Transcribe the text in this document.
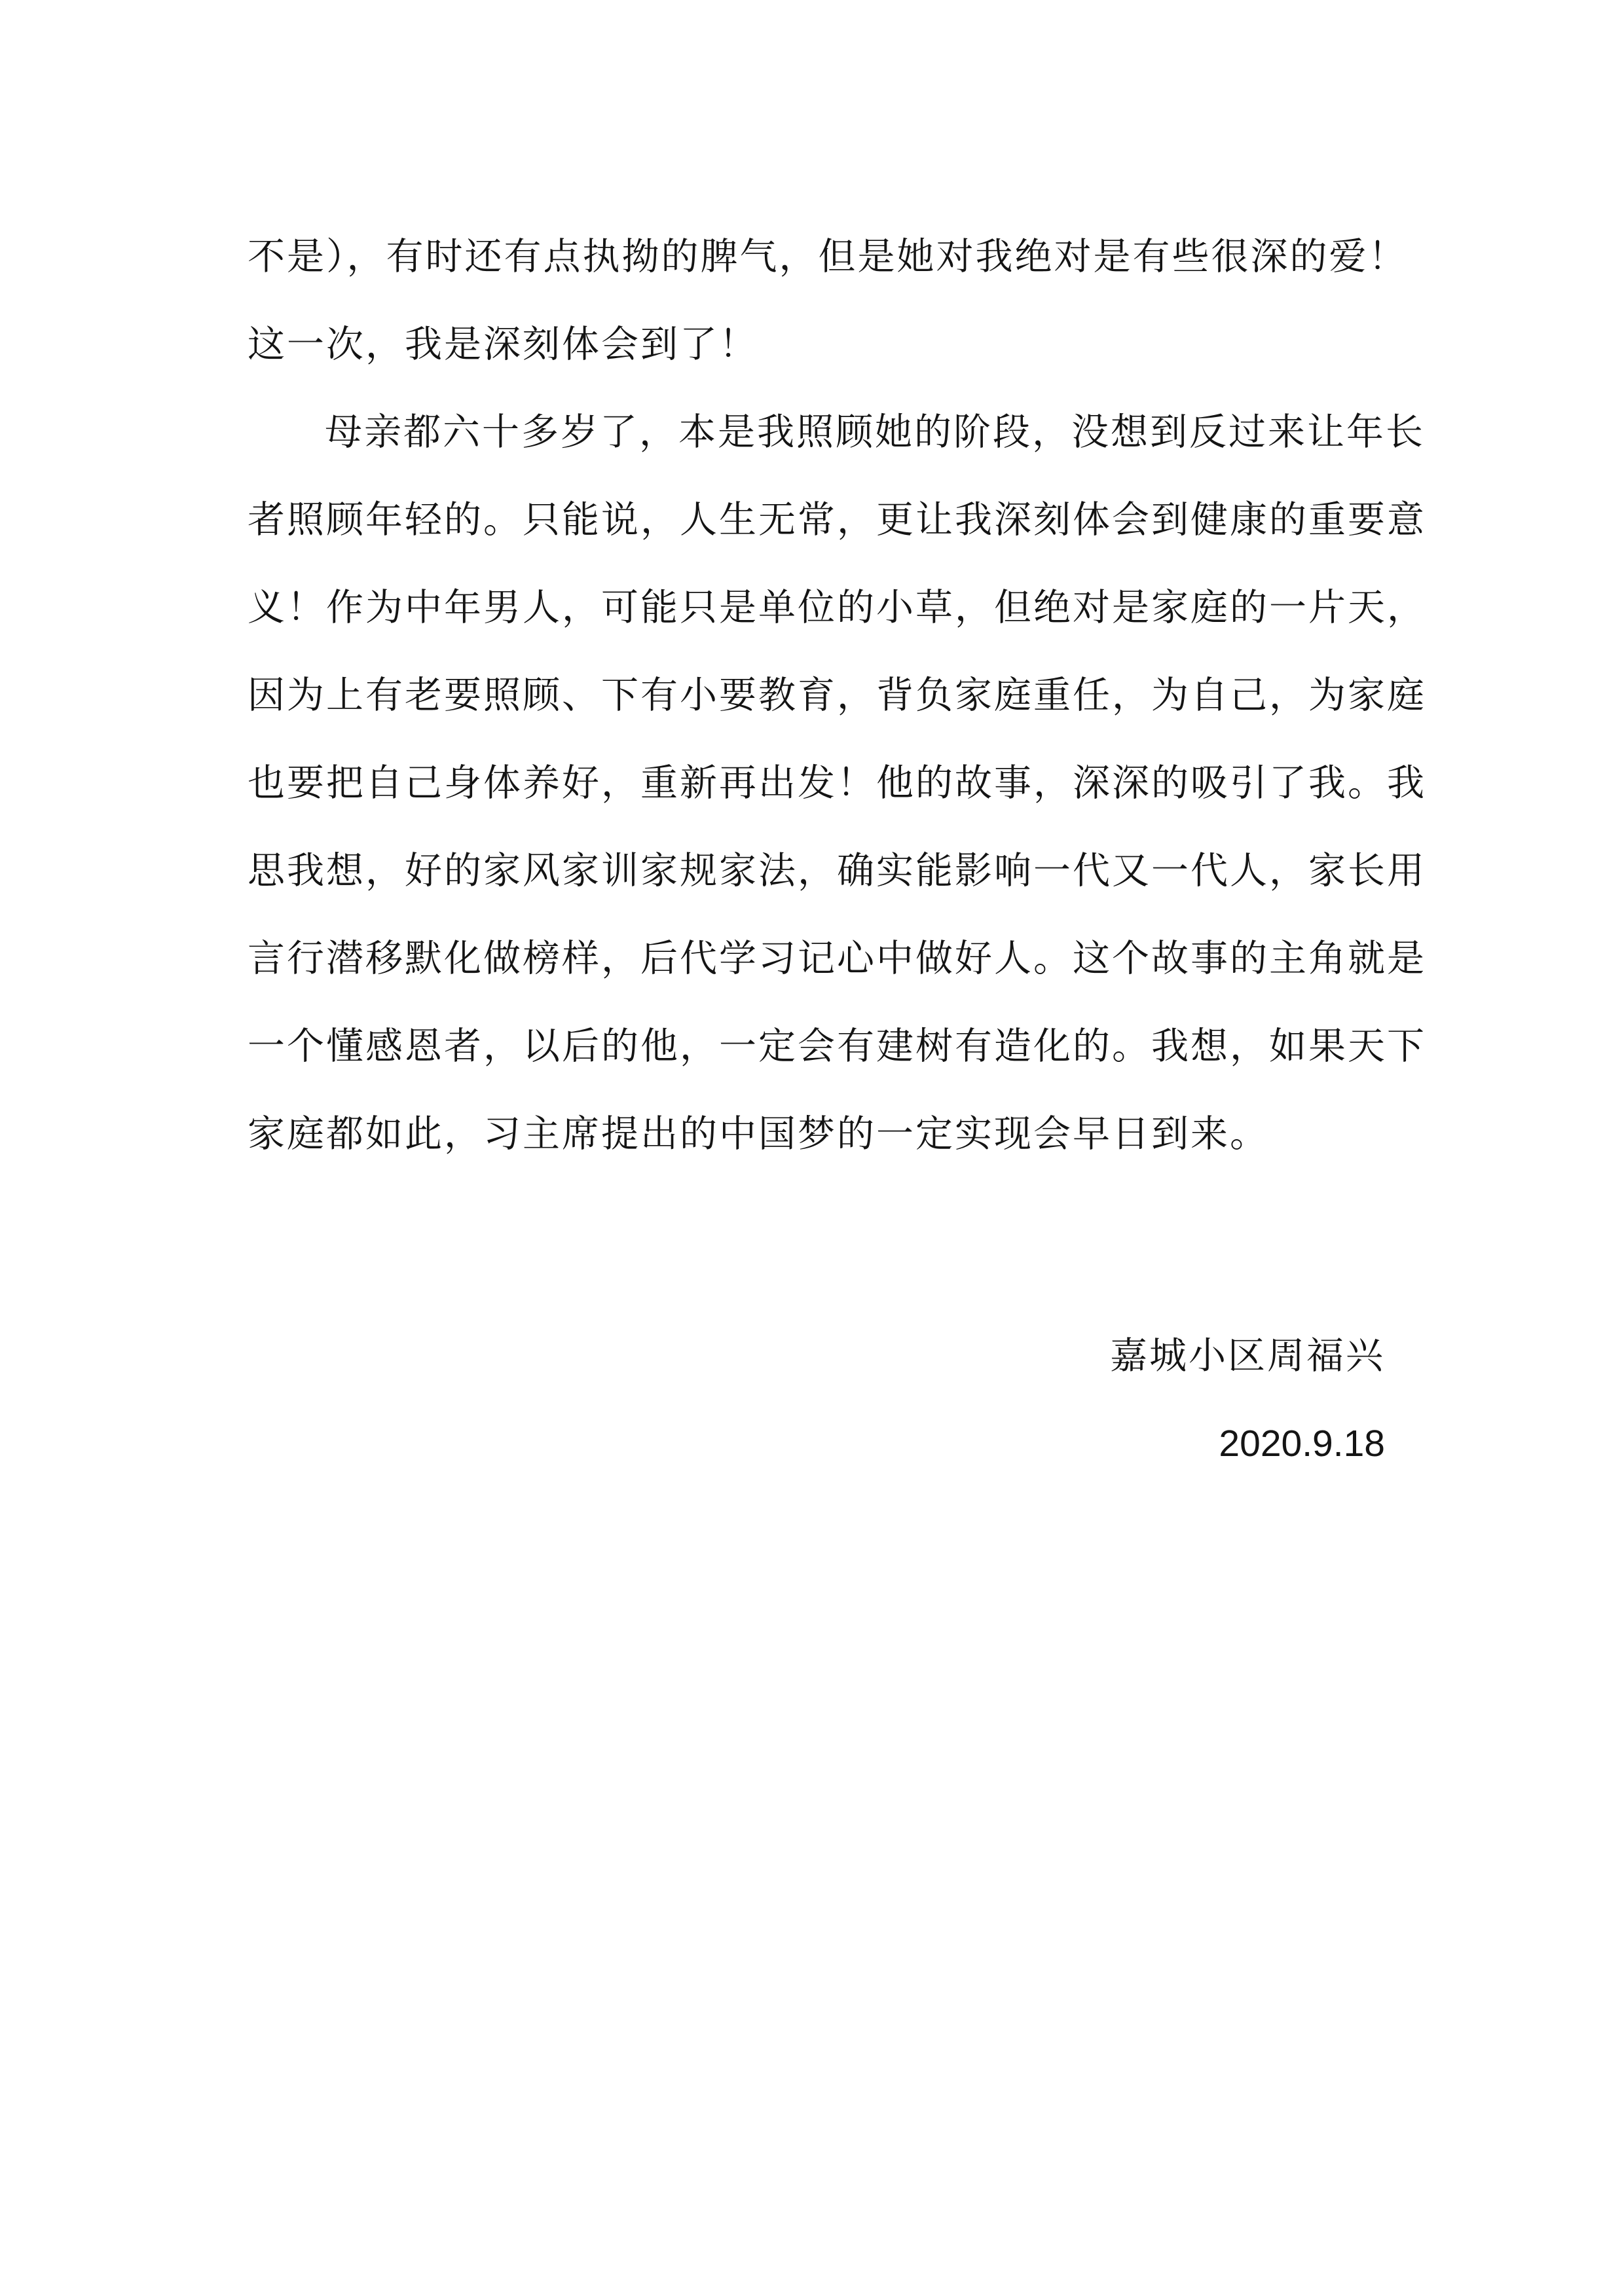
不是），有时还有点执拗的脾气，但是她对我绝对是有些很深的爱！
这一次，我是深刻体会到了！
母亲都六十多岁了，本是我照顾她的阶段，没想到反过来让年长
者照顾年轻的。只能说，人生无常，更让我深刻体会到健康的重要意
义！作为中年男人，可能只是单位的小草，但绝对是家庭的一片天，
因为上有老要照顾、下有小要教育，背负家庭重任，为自己，为家庭
也要把自己身体养好，重新再出发！他的故事，深深的吸引了我。我
思我想，好的家风家训家规家法，确实能影响一代又一代人，家长用
言行潜移默化做榜样，后代学习记心中做好人。这个故事的主角就是
一个懂感恩者，以后的他，一定会有建树有造化的。我想，如果天下
家庭都如此，习主席提出的中国梦的一定实现会早日到来。
嘉城小区周福兴
2020.9.18
